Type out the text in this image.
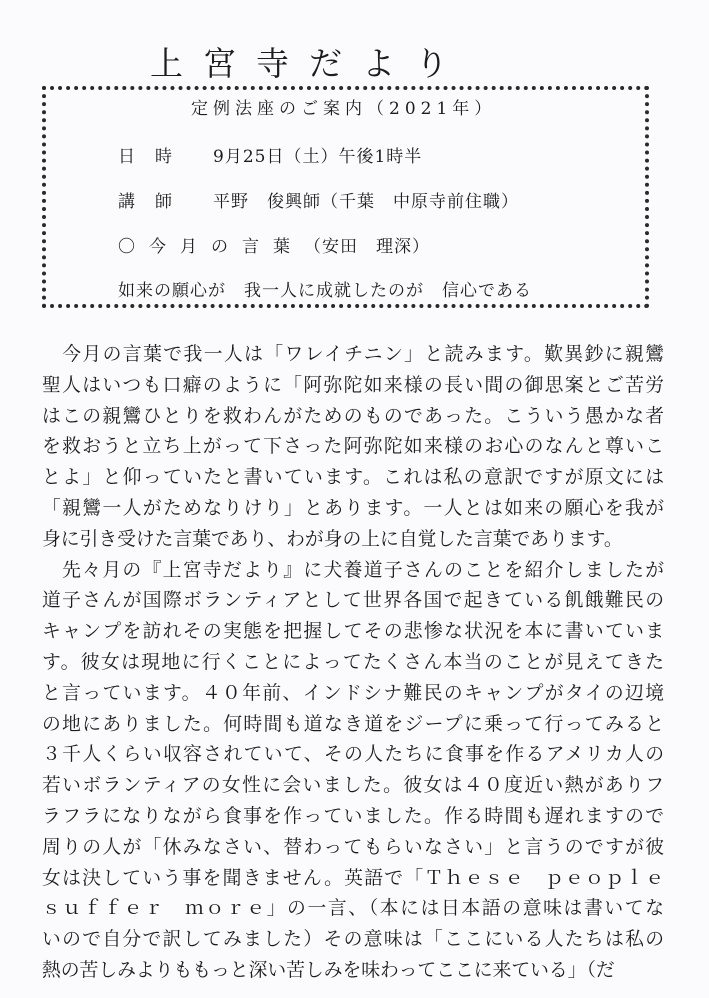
上宮寺だより
定例法座のご案内（2021年）
日時 9月25日（土）午後1時半
講師 平野　俊興師（千葉　中原寺前住職）
〇今月の言葉（安田　理深）
如来の願心が　我一人に成就したのが　信心である
　今月の言葉で我一人は「ワレイチニン」と読みます。歎異鈔に親鸞
聖人はいつも口癖のように「阿弥陀如来様の長い間の御思案とご苦労
はこの親鸞ひとりを救わんがためのものであった。こういう愚かな者
を救おうと立ち上がって下さった阿弥陀如来様のお心のなんと尊いこ
とよ」と仰っていたと書いています。これは私の意訳ですが原文には
「親鸞一人がためなりけり」とあります。一人とは如来の願心を我が
身に引き受けた言葉であり、わが身の上に自覚した言葉であります。
　先々月の『上宮寺だより』に犬養道子さんのことを紹介しましたが
道子さんが国際ボランティアとして世界各国で起きている飢餓難民の
キャンプを訪れその実態を把握してその悲惨な状況を本に書いていま
す。彼女は現地に行くことによってたくさん本当のことが見えてきた
と言っています。４０年前、インドシナ難民のキャンプがタイの辺境
の地にありました。何時間も道なき道をジープに乗って行ってみると
３千人くらい収容されていて、その人たちに食事を作るアメリカ人の
若いボランティアの女性に会いました。彼女は４０度近い熱がありフ
ラフラになりながら食事を作っていました。作る時間も遅れますので
周りの人が「休みなさい、替わってもらいなさい」と言うのですが彼
女は決していう事を聞きません。英語で「Ｔｈｅｓｅ　ｐｅｏｐｌｅ
ｓｕｆｆｅｒ　ｍｏｒｅ」の一言、（本には日本語の意味は書いてな
いので自分で訳してみました）その意味は「ここにいる人たちは私の
熱の苦しみよりももっと深い苦しみを味わってここに来ている」（だ
